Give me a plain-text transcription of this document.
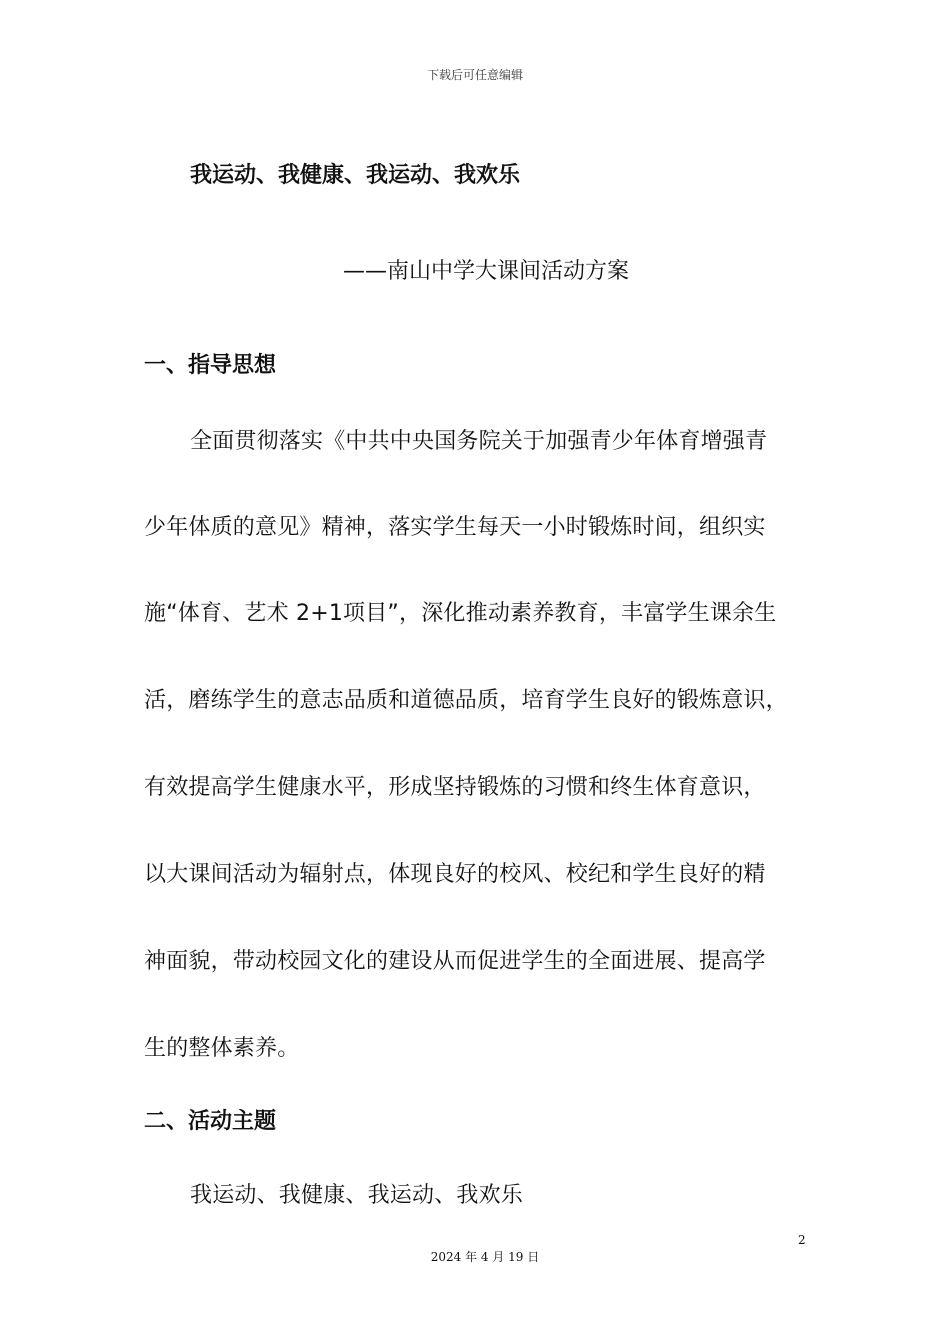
下载后可任意编辑
我运动、我健康、我运动、我欢乐
——南山中学大课间活动方案
一、指导思想
全面贯彻落实《中共中央国务院关于加强青少年体育增强青
少年体质的意见》精神，落实学生每天一小时锻炼时间，组织实
施“体育、艺术 2+1项目”，深化推动素养教育，丰富学生课余生
活，磨练学生的意志品质和道德品质，培育学生良好的锻炼意识，
有效提高学生健康水平，形成坚持锻炼的习惯和终生体育意识，
以大课间活动为辐射点，体现良好的校风、校纪和学生良好的精
神面貌，带动校园文化的建设从而促进学生的全面进展、提高学
生的整体素养。
二、活动主题
我运动、我健康、我运动、我欢乐
2
2024 年 4 月 19 日
